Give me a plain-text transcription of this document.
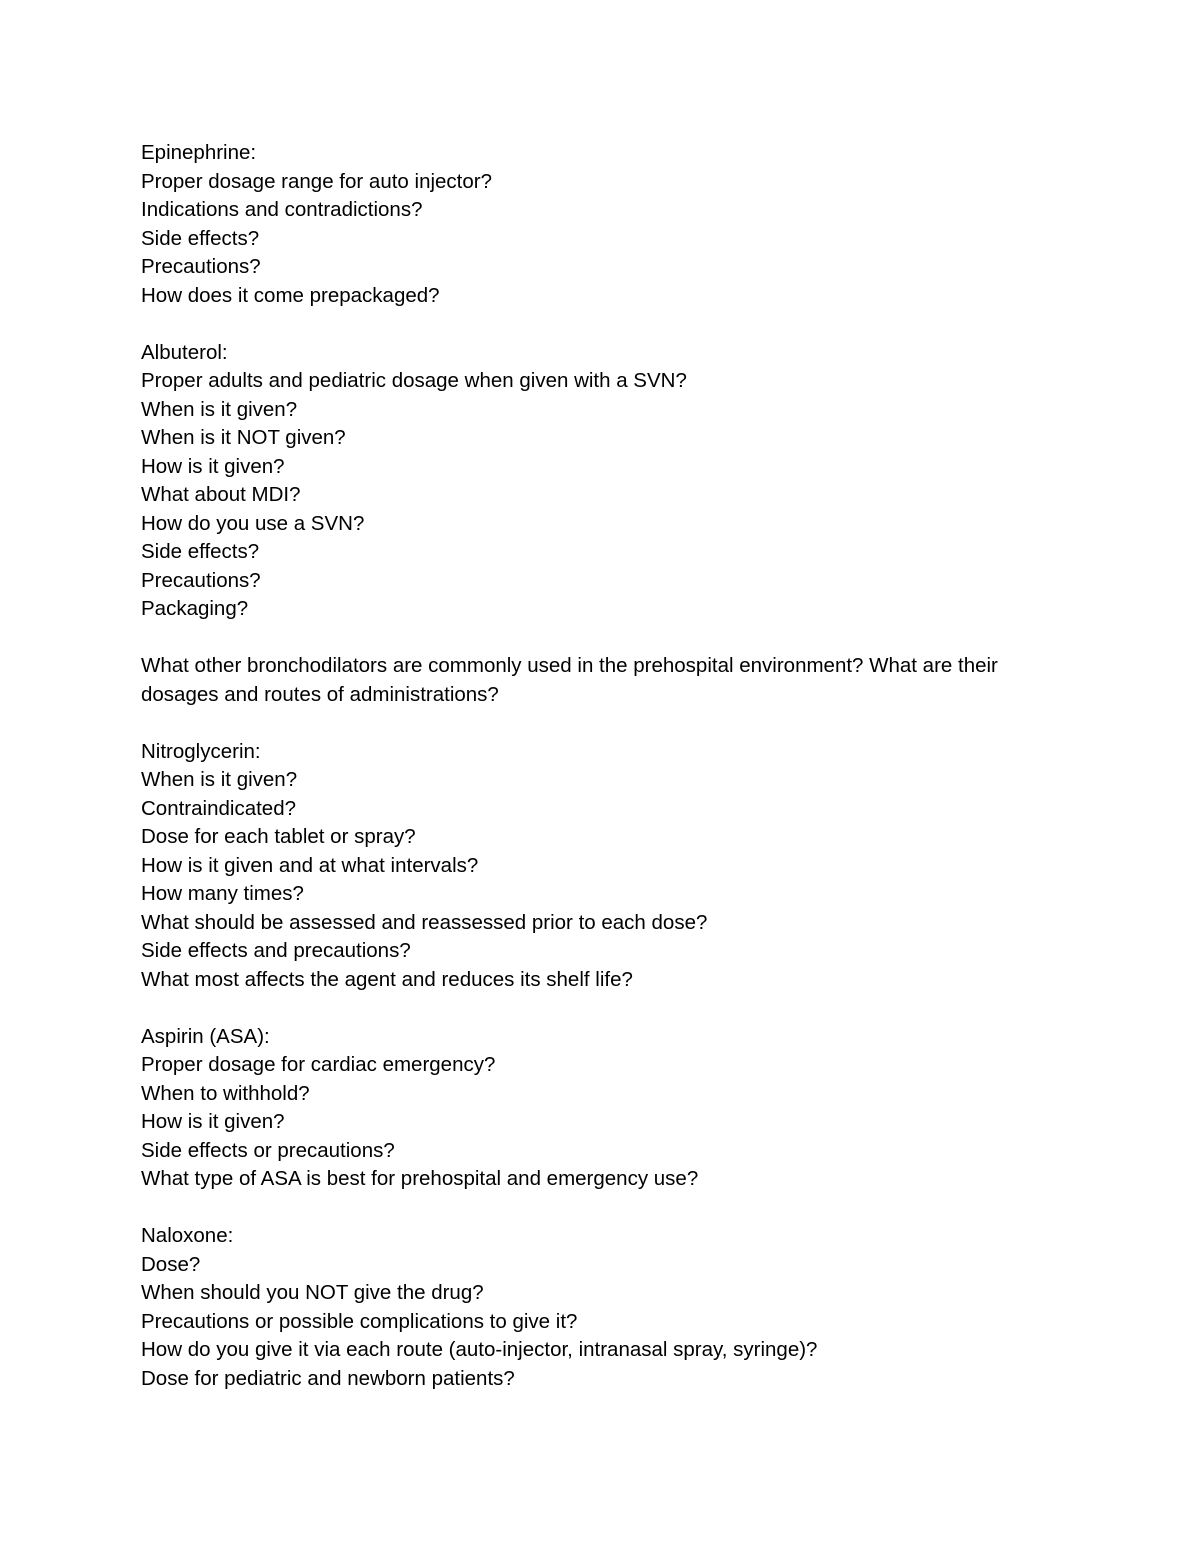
Epinephrine:
Proper dosage range for auto injector?
Indications and contradictions?
Side effects?
Precautions?
How does it come prepackaged?
Albuterol:
Proper adults and pediatric dosage when given with a SVN?
When is it given?
When is it NOT given?
How is it given?
What about MDI?
How do you use a SVN?
Side effects?
Precautions?
Packaging?
What other bronchodilators are commonly used in the prehospital environment? What are their dosages and routes of administrations?
Nitroglycerin:
When is it given?
Contraindicated?
Dose for each tablet or spray?
How is it given and at what intervals?
How many times?
What should be assessed and reassessed prior to each dose?
Side effects and precautions?
What most affects the agent and reduces its shelf life?
Aspirin (ASA):
Proper dosage for cardiac emergency?
When to withhold?
How is it given?
Side effects or precautions?
What type of ASA is best for prehospital and emergency use?
Naloxone:
Dose?
When should you NOT give the drug?
Precautions or possible complications to give it?
How do you give it via each route (auto-injector, intranasal spray, syringe)?
Dose for pediatric and newborn patients?
